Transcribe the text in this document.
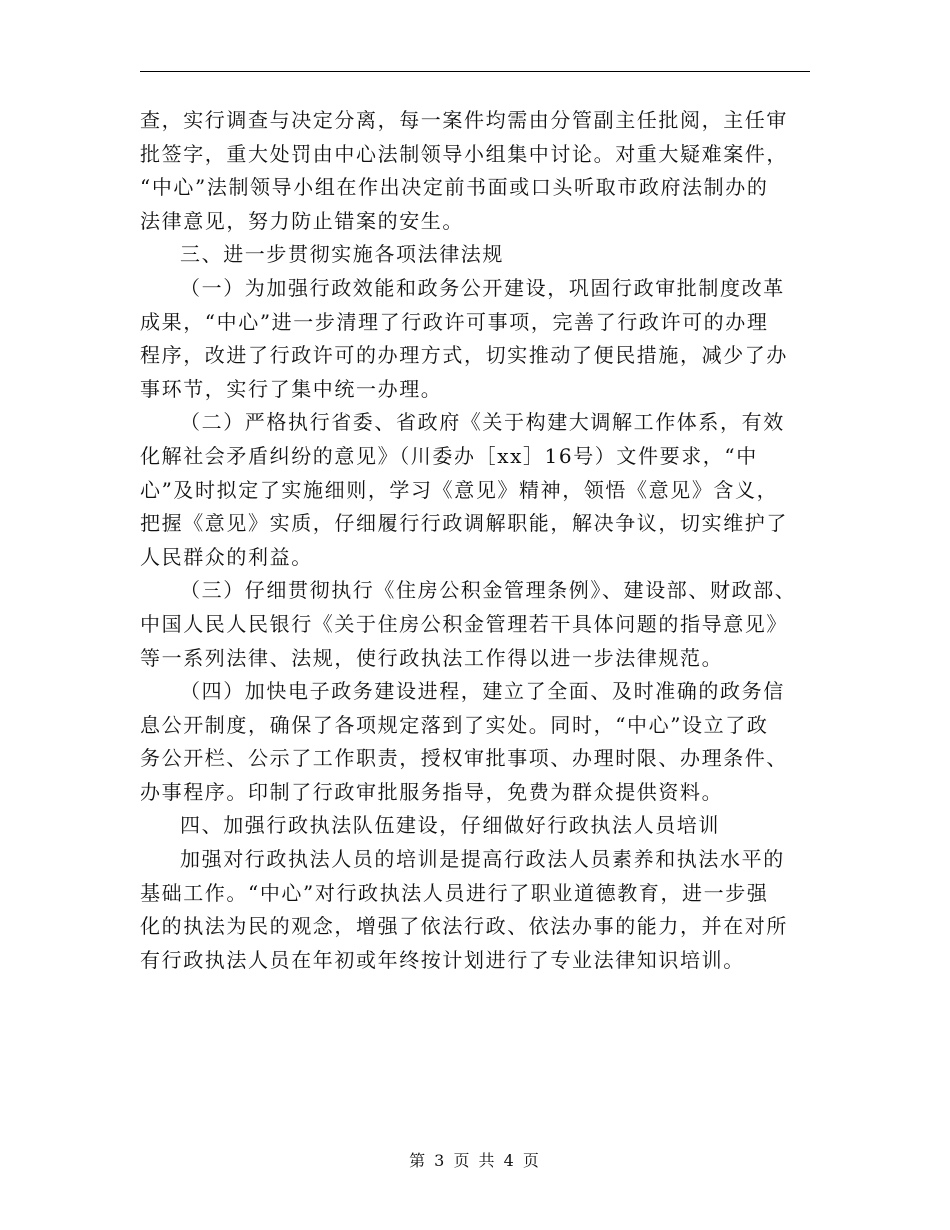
查，实行调查与决定分离，每一案件均需由分管副主任批阅，主任审
批签字，重大处罚由中心法制领导小组集中讨论。对重大疑难案件，
“中心”法制领导小组在作出决定前书面或口头听取市政府法制办的
法律意见，努力防止错案的安生。
三、进一步贯彻实施各项法律法规
（一）为加强行政效能和政务公开建设，巩固行政审批制度改革
成果，“中心”进一步清理了行政许可事项，完善了行政许可的办理
程序，改进了行政许可的办理方式，切实推动了便民措施，减少了办
事环节，实行了集中统一办理。
（二）严格执行省委、省政府《关于构建大调解工作体系，有效
化解社会矛盾纠纷的意见》（川委办［xx］16号）文件要求，“中
心”及时拟定了实施细则，学习《意见》精神，领悟《意见》含义，
把握《意见》实质，仔细履行行政调解职能，解决争议，切实维护了
人民群众的利益。
（三）仔细贯彻执行《住房公积金管理条例》、建设部、财政部、
中国人民人民银行《关于住房公积金管理若干具体问题的指导意见》
等一系列法律、法规，使行政执法工作得以进一步法律规范。
（四）加快电子政务建设进程，建立了全面、及时准确的政务信
息公开制度，确保了各项规定落到了实处。同时，“中心”设立了政
务公开栏、公示了工作职责，授权审批事项、办理时限、办理条件、
办事程序。印制了行政审批服务指导，免费为群众提供资料。
四、加强行政执法队伍建设，仔细做好行政执法人员培训
加强对行政执法人员的培训是提高行政法人员素养和执法水平的
基础工作。“中心”对行政执法人员进行了职业道德教育，进一步强
化的执法为民的观念，增强了依法行政、依法办事的能力，并在对所
有行政执法人员在年初或年终按计划进行了专业法律知识培训。
第 3 页 共 4 页
